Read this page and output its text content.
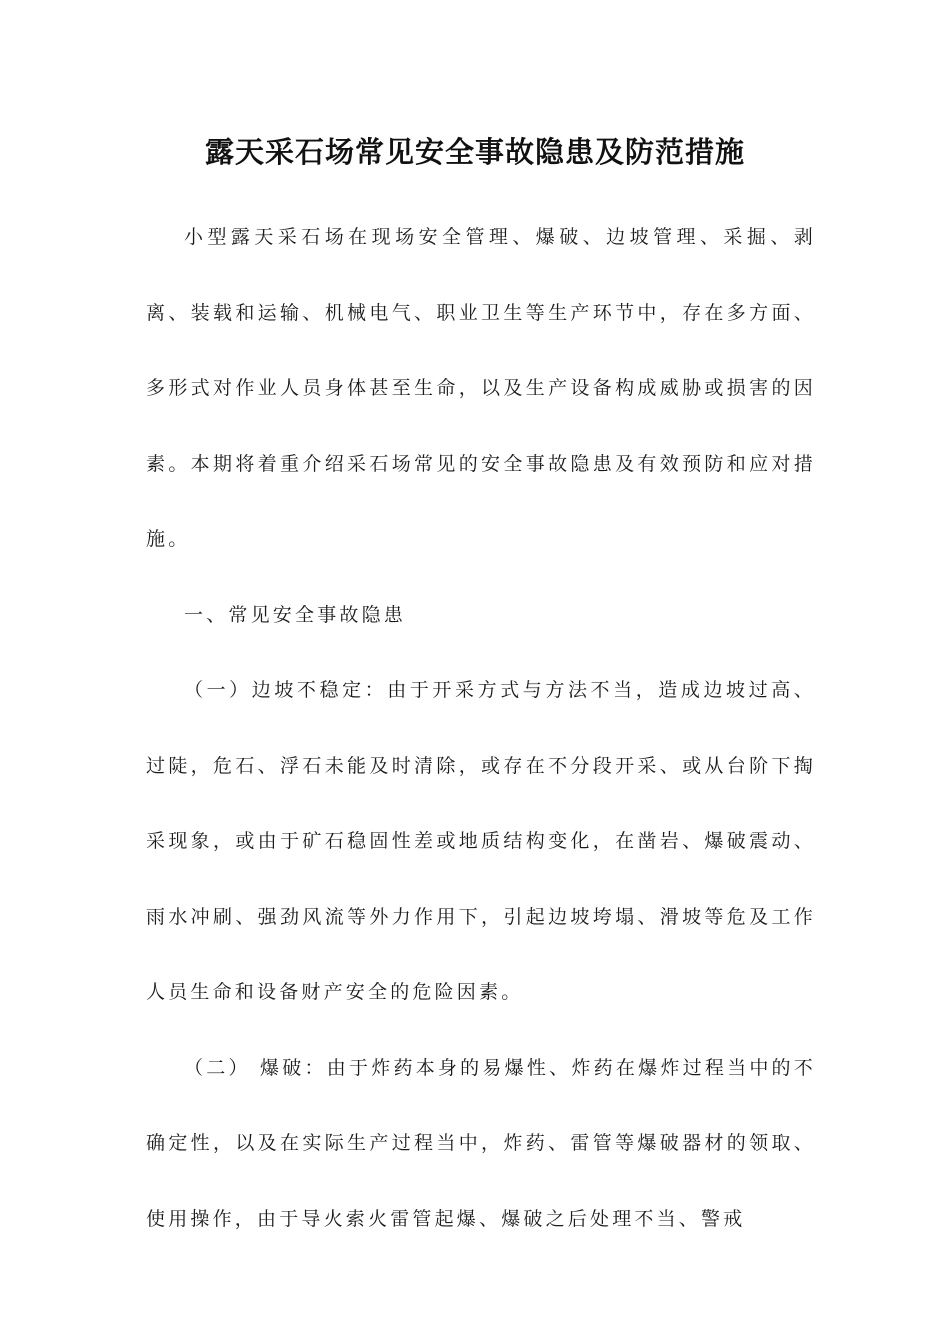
露天采石场常见安全事故隐患及防范措施

小型露天采石场在现场安全管理、爆破、边坡管理、采掘、剥离、装载和运输、机械电气、职业卫生等生产环节中，存在多方面、多形式对作业人员身体甚至生命，以及生产设备构成威胁或损害的因素。本期将着重介绍采石场常见的安全事故隐患及有效预防和应对措施。

一、常见安全事故隐患

（一）边坡不稳定：由于开采方式与方法不当，造成边坡过高、过陡，危石、浮石未能及时清除，或存在不分段开采、或从台阶下掏采现象，或由于矿石稳固性差或地质结构变化，在凿岩、爆破震动、雨水冲刷、强劲风流等外力作用下，引起边坡垮塌、滑坡等危及工作人员生命和设备财产安全的危险因素。

（二） 爆破：由于炸药本身的易爆性、炸药在爆炸过程当中的不确定性，以及在实际生产过程当中，炸药、雷管等爆破器材的领取、使用操作，由于导火索火雷管起爆、爆破之后处理不当、警戒
